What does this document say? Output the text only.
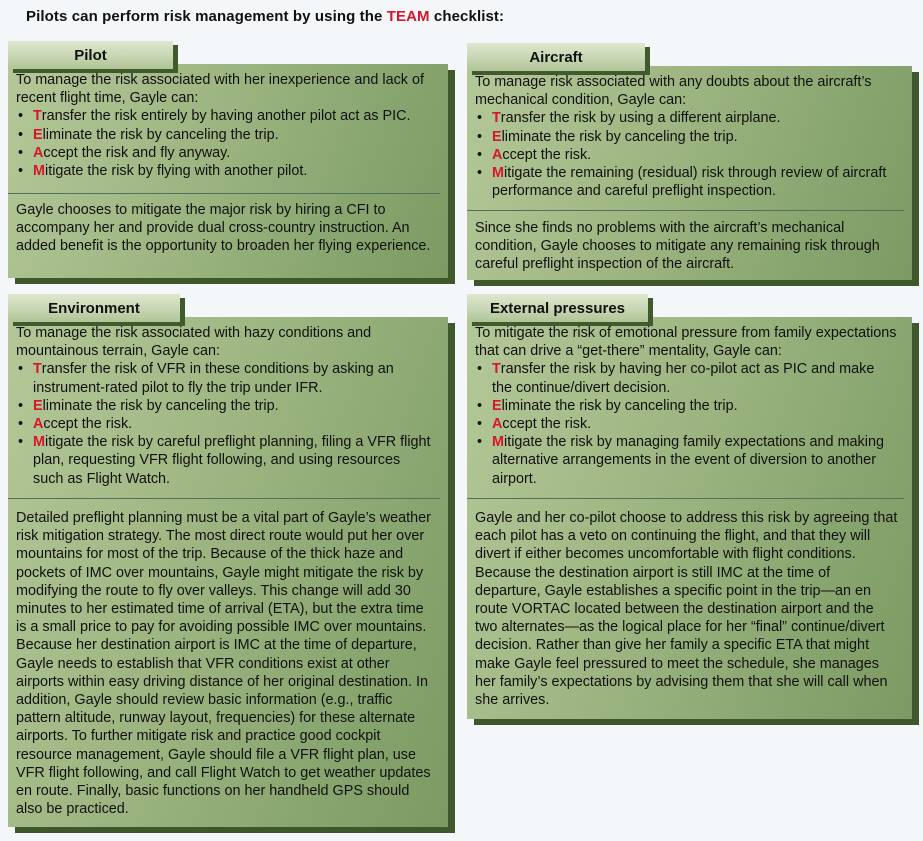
Pilots can perform risk management by using the TEAM checklist:
Pilot

To manage the risk associated with her inexperience and lack of recent flight time, Gayle can:

• Transfer the risk entirely by having another pilot act as PIC.
• Eliminate the risk by canceling the trip.
• Accept the risk and fly anyway.
• Mitigate the risk by flying with another pilot.

Gayle chooses to mitigate the major risk by hiring a CFI to accompany her and provide dual cross-country instruction. An added benefit is the opportunity to broaden her flying experience.

Aircraft

To manage risk associated with any doubts about the aircraft’s mechanical condition, Gayle can:

• Transfer the risk by using a different airplane.
• Eliminate the risk by canceling the trip.
• Accept the risk.
• Mitigate the remaining (residual) risk through review of aircraft performance and careful preflight inspection.

Since she finds no problems with the aircraft’s mechanical condition, Gayle chooses to mitigate any remaining risk through careful preflight inspection of the aircraft.

Environment

To manage the risk associated with hazy conditions and mountainous terrain, Gayle can:

• Transfer the risk of VFR in these conditions by asking an instrument-rated pilot to fly the trip under IFR.
• Eliminate the risk by canceling the trip.
• Accept the risk.
• Mitigate the risk by careful preflight planning, filing a VFR flight plan, requesting VFR flight following, and using resources such as Flight Watch.

Detailed preflight planning must be a vital part of Gayle’s weather risk mitigation strategy. The most direct route would put her over mountains for most of the trip. Because of the thick haze and pockets of IMC over mountains, Gayle might mitigate the risk by modifying the route to fly over valleys. This change will add 30 minutes to her estimated time of arrival (ETA), but the extra time is a small price to pay for avoiding possible IMC over mountains. Because her destination airport is IMC at the time of departure, Gayle needs to establish that VFR conditions exist at other airports within easy driving distance of her original destination. In addition, Gayle should review basic information (e.g., traffic pattern altitude, runway layout, frequencies) for these alternate airports. To further mitigate risk and practice good cockpit resource management, Gayle should file a VFR flight plan, use VFR flight following, and call Flight Watch to get weather updates en route. Finally, basic functions on her handheld GPS should also be practiced.

External pressures

To mitigate the risk of emotional pressure from family expectations that can drive a “get-there” mentality, Gayle can:

• Transfer the risk by having her co-pilot act as PIC and make the continue/divert decision.
• Eliminate the risk by canceling the trip.
• Accept the risk.
• Mitigate the risk by managing family expectations and making alternative arrangements in the event of diversion to another airport.

Gayle and her co-pilot choose to address this risk by agreeing that each pilot has a veto on continuing the flight, and that they will divert if either becomes uncomfortable with flight conditions. Because the destination airport is still IMC at the time of departure, Gayle establishes a specific point in the trip—an en route VORTAC located between the destination airport and the two alternates—as the logical place for her “final” continue/divert decision. Rather than give her family a specific ETA that might make Gayle feel pressured to meet the schedule, she manages her family’s expectations by advising them that she will call when she arrives.
